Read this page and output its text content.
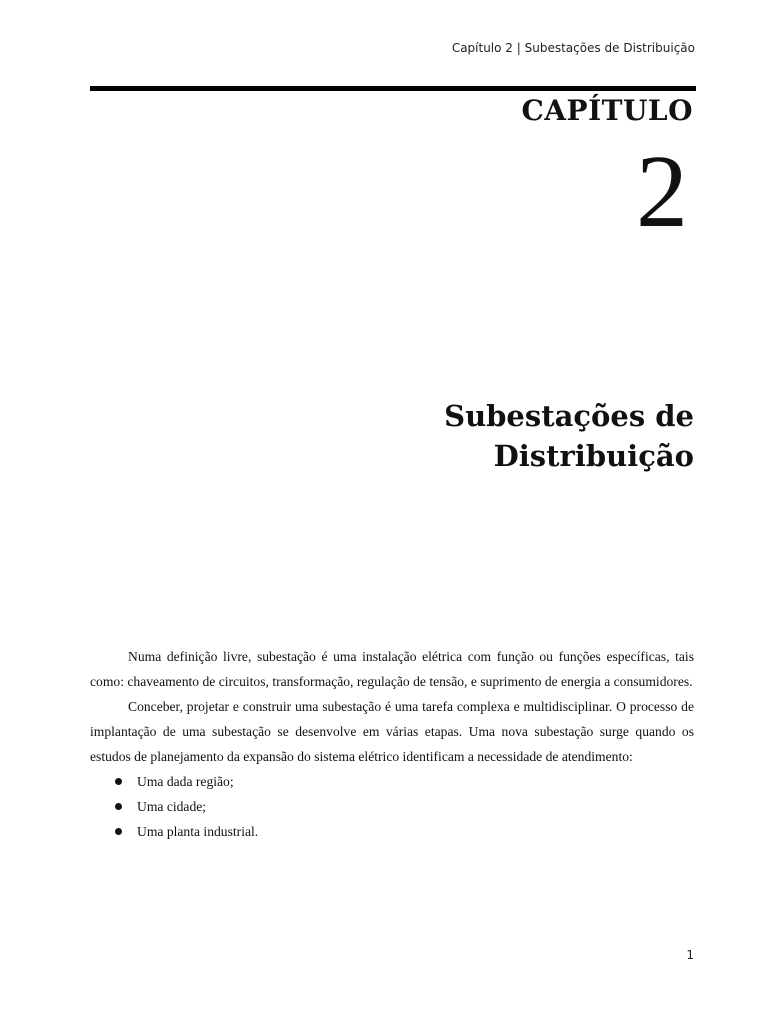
Capítulo 2 | Subestações de Distribuição
CAPÍTULO
2
Subestações de
Distribuição

Numa definição livre, subestação é uma instalação elétrica com função ou funções específicas, tais como: chaveamento de circuitos, transformação, regulação de tensão, e suprimento de energia a consumidores.

Conceber, projetar e construir uma subestação é uma tarefa complexa e multidisciplinar. O processo de implantação de uma subestação se desenvolve em várias etapas. Uma nova subestação surge quando os estudos de planejamento da expansão do sistema elétrico identificam a necessidade de atendimento:

Uma dada região;
Uma cidade;
Uma planta industrial.
1
